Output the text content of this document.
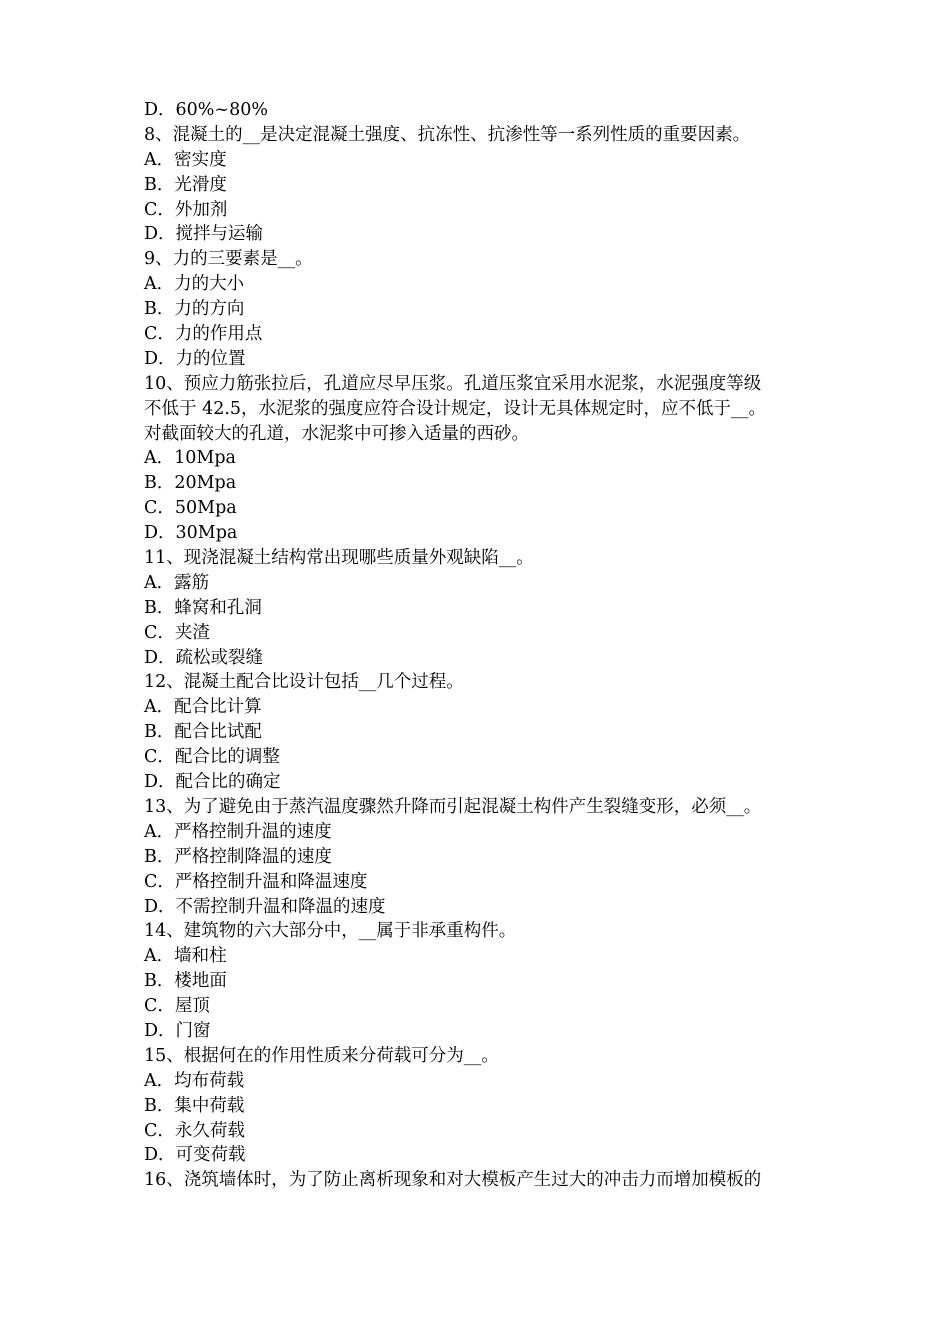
D．60%~80%
8、混凝土的__是决定混凝土强度、抗冻性、抗渗性等一系列性质的重要因素。
A．密实度
B．光滑度
C．外加剂
D．搅拌与运输
9、力的三要素是__。
A．力的大小
B．力的方向
C．力的作用点
D．力的位置
10、预应力筋张拉后，孔道应尽早压浆。孔道压浆宜采用水泥浆，水泥强度等级
不低于 42.5，水泥浆的强度应符合设计规定，设计无具体规定时，应不低于__。
对截面较大的孔道，水泥浆中可掺入适量的西砂。
A．10Mpa
B．20Mpa
C．50Mpa
D．30Mpa
11、现浇混凝土结构常出现哪些质量外观缺陷__。
A．露筋
B．蜂窝和孔洞
C．夹渣
D．疏松或裂缝
12、混凝土配合比设计包括__几个过程。
A．配合比计算
B．配合比试配
C．配合比的调整
D．配合比的确定
13、为了避免由于蒸汽温度骤然升降而引起混凝土构件产生裂缝变形，必须__。
A．严格控制升温的速度
B．严格控制降温的速度
C．严格控制升温和降温速度
D．不需控制升温和降温的速度
14、建筑物的六大部分中，__属于非承重构件。
A．墙和柱
B．楼地面
C．屋顶
D．门窗
15、根据何在的作用性质来分荷载可分为__。
A．均布荷载
B．集中荷载
C．永久荷载
D．可变荷载
16、浇筑墙体时，为了防止离析现象和对大模板产生过大的冲击力而增加模板的
